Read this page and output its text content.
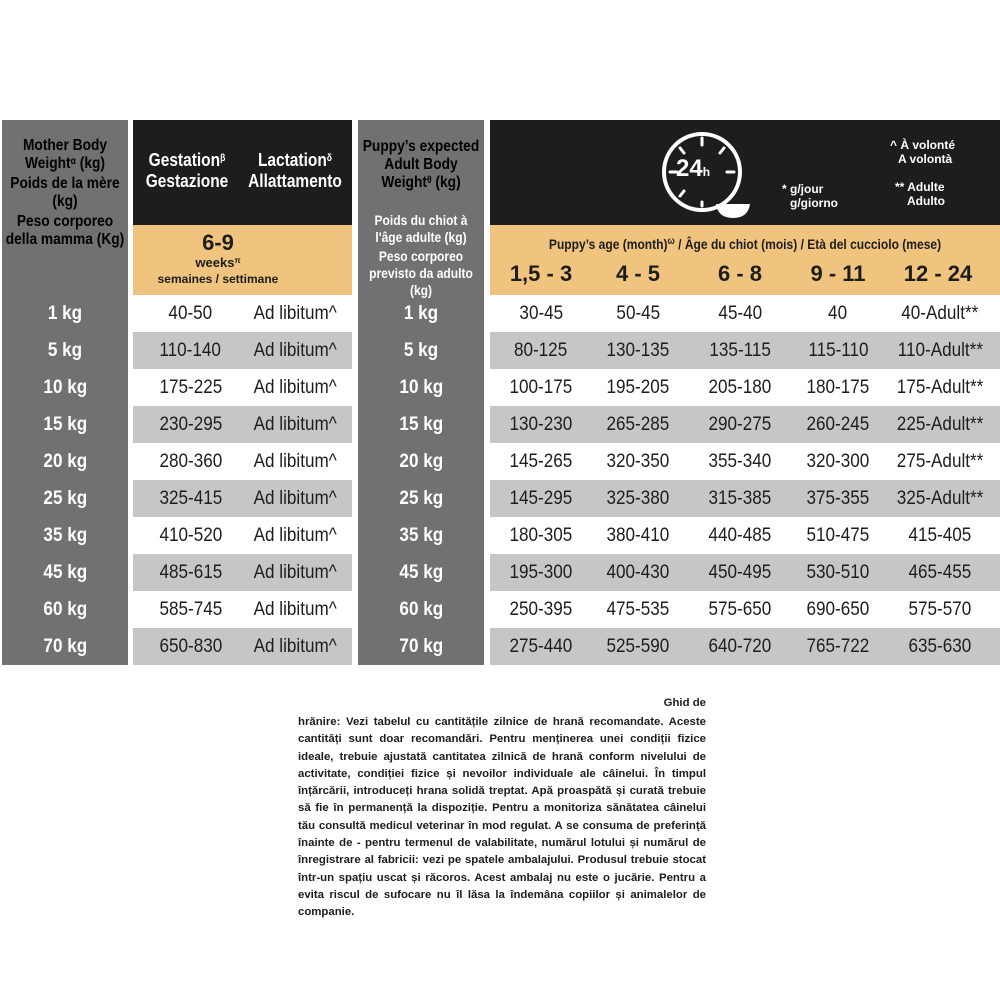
Mother Body Weight$^\alpha$ (kg)
Poids de la mère (kg)
Peso corporeo della mamma (Kg)
Gestation$^\beta$
Gestazione
Lactation$^\delta$
Allattamento
6-9
weeks$^\pi$
semaines / settimane
Puppy’s expected Adult Body Weight$^\theta$ (kg)
Poids du chiot à l'âge adulte (kg)
Peso corporeo previsto da adulto (kg)
24h
gram* * g/jour
g/giorno
^ À volonté
A volontà
** Adulte
Adulto
Puppy’s age (month)$^\omega$ / Âge du chiot (mois) / Età del cucciolo (mese)
1,5 - 3	4 - 5	6 - 8	9 - 11	12 - 24
1 kg	40-50	Ad libitum^	1 kg	30-45	50-45	45-40	40	40-Adult**
5 kg	110-140	Ad libitum^	5 kg	80-125	130-135	135-115	115-110	110-Adult**
10 kg	175-225	Ad libitum^	10 kg	100-175	195-205	205-180	180-175	175-Adult**
15 kg	230-295	Ad libitum^	15 kg	130-230	265-285	290-275	260-245	225-Adult**
20 kg	280-360	Ad libitum^	20 kg	145-265	320-350	355-340	320-300	275-Adult**
25 kg	325-415	Ad libitum^	25 kg	145-295	325-380	315-385	375-355	325-Adult**
35 kg	410-520	Ad libitum^	35 kg	180-305	380-410	440-485	510-475	415-405
45 kg	485-615	Ad libitum^	45 kg	195-300	400-430	450-495	530-510	465-455
60 kg	585-745	Ad libitum^	60 kg	250-395	475-535	575-650	690-650	575-570
70 kg	650-830	Ad libitum^	70 kg	275-440	525-590	640-720	765-722	635-630
Ghid de
hrănire: Vezi tabelul cu cantitățile zilnice de hrană recomandate. Aceste cantități sunt doar recomandări. Pentru menținerea unei condiții fizice ideale, trebuie ajustată cantitatea zilnică de hrană conform nivelului de activitate, condiției fizice și nevoilor individuale ale câinelui. În timpul înțărcării, introduceți hrana solidă treptat. Apă proaspătă și curată trebuie să fie în permanență la dispoziție. Pentru a monitoriza sănătatea câinelui tău consultă medicul veterinar în mod regulat. A se consuma de preferință înainte de - pentru termenul de valabilitate, numărul lotului și numărul de înregistrare al fabricii: vezi pe spatele ambalajului. Produsul trebuie stocat într-un spațiu uscat și răcoros. Acest ambalaj nu este o jucărie. Pentru a evita riscul de sufocare nu îl lăsa la îndemâna copiilor și animalelor de companie.
